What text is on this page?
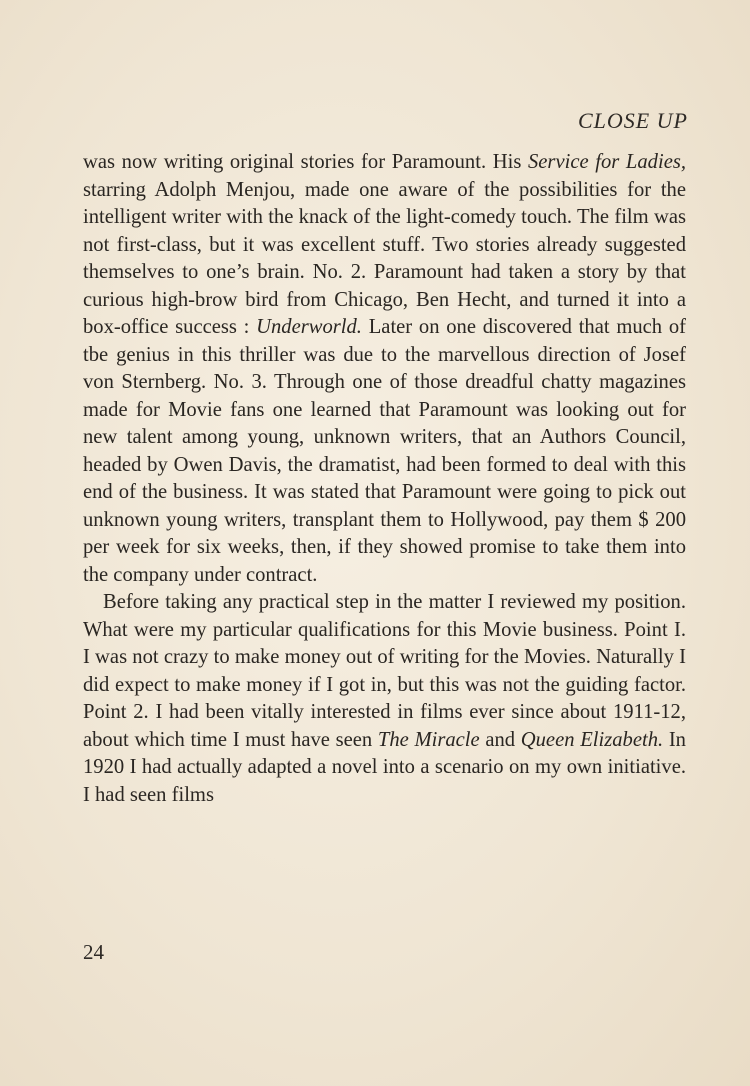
CLOSE UP

was now writing original stories for Paramount. His Service for Ladies, starring Adolph Menjou, made one aware of the possibilities for the intelligent writer with the knack of the light-comedy touch. The film was not first-class, but it was excellent stuff. Two stories already suggested themselves to one’s brain. No. 2. Paramount had taken a story by that curious high-brow bird from Chicago, Ben Hecht, and turned it into a box-office success : Underworld. Later on one discovered that much of tbe genius in this thriller was due to the marvellous direction of Josef von Sternberg. No. 3. Through one of those dreadful chatty magazines made for Movie fans one learned that Paramount was looking out for new talent among young, unknown writers, that an Authors Council, headed by Owen Davis, the dramatist, had been formed to deal with this end of the business. It was stated that Paramount were going to pick out unknown young writers, transplant them to Hollywood, pay them $ 200 per week for six weeks, then, if they showed promise to take them into the company under contract.

Before taking any practical step in the matter I reviewed my position. What were my particular qualifications for this Movie business. Point I. I was not crazy to make money out of writing for the Movies. Naturally I did expect to make money if I got in, but this was not the guiding factor. Point 2. I had been vitally interested in films ever since about 1911-12, about which time I must have seen The Miracle and Queen Elizabeth. In 1920 I had actually adapted a novel into a scenario on my own initiative. I had seen films

24
